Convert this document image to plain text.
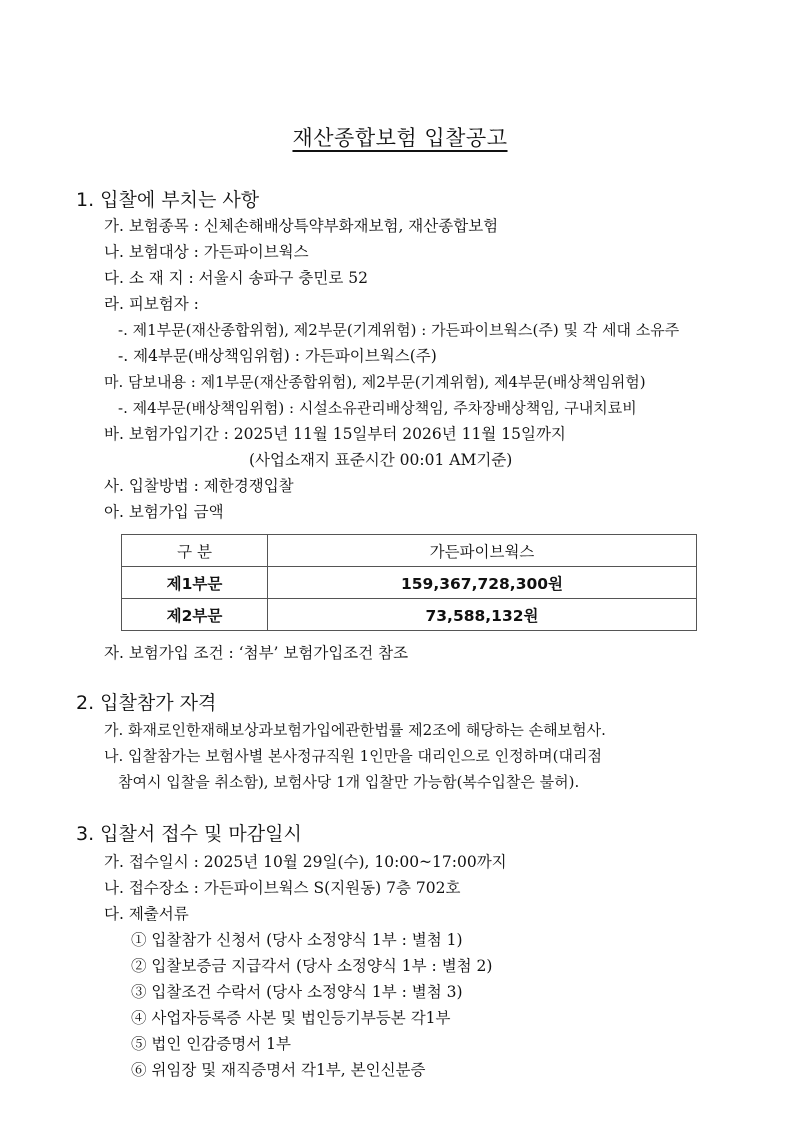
재산종합보험 입찰공고
1. 입찰에 부치는 사항
가. 보험종목 : 신체손해배상특약부화재보험, 재산종합보험
나. 보험대상 : 가든파이브웍스
다. 소 재 지 : 서울시 송파구 충민로 52
라. 피보험자 :
-. 제1부문(재산종합위험), 제2부문(기계위험) : 가든파이브웍스(주) 및 각 세대 소유주
-. 제4부문(배상책임위험) : 가든파이브웍스(주)
마. 담보내용 : 제1부문(재산종합위험), 제2부문(기계위험), 제4부문(배상책임위험)
-. 제4부문(배상책임위험) : 시설소유관리배상책임, 주차장배상책임, 구내치료비
바. 보험가입기간 : 2025년 11월 15일부터 2026년 11월 15일까지
(사업소재지 표준시간 00:01 AM기준)
사. 입찰방법 : 제한경쟁입찰
아. 보험가입 금액
구 분	가든파이브웍스
제1부문	159,367,728,300원
제2부문	73,588,132원
자. 보험가입 조건 : ‘첨부’ 보험가입조건 참조
2. 입찰참가 자격
가. 화재로인한재해보상과보험가입에관한법률 제2조에 해당하는 손해보험사.
나. 입찰참가는 보험사별 본사정규직원 1인만을 대리인으로 인정하며(대리점
참여시 입찰을 취소함), 보험사당 1개 입찰만 가능함(복수입찰은 불허).
3. 입찰서 접수 및 마감일시
가. 접수일시 : 2025년 10월 29일(수), 10:00~17:00까지
나. 접수장소 : 가든파이브웍스 S(지원동) 7층 702호
다. 제출서류
① 입찰참가 신청서 (당사 소정양식 1부 : 별첨 1)
② 입찰보증금 지급각서 (당사 소정양식 1부 : 별첨 2)
③ 입찰조건 수락서 (당사 소정양식 1부 : 별첨 3)
④ 사업자등록증 사본 및 법인등기부등본 각1부
⑤ 법인 인감증명서 1부
⑥ 위임장 및 재직증명서 각1부, 본인신분증
